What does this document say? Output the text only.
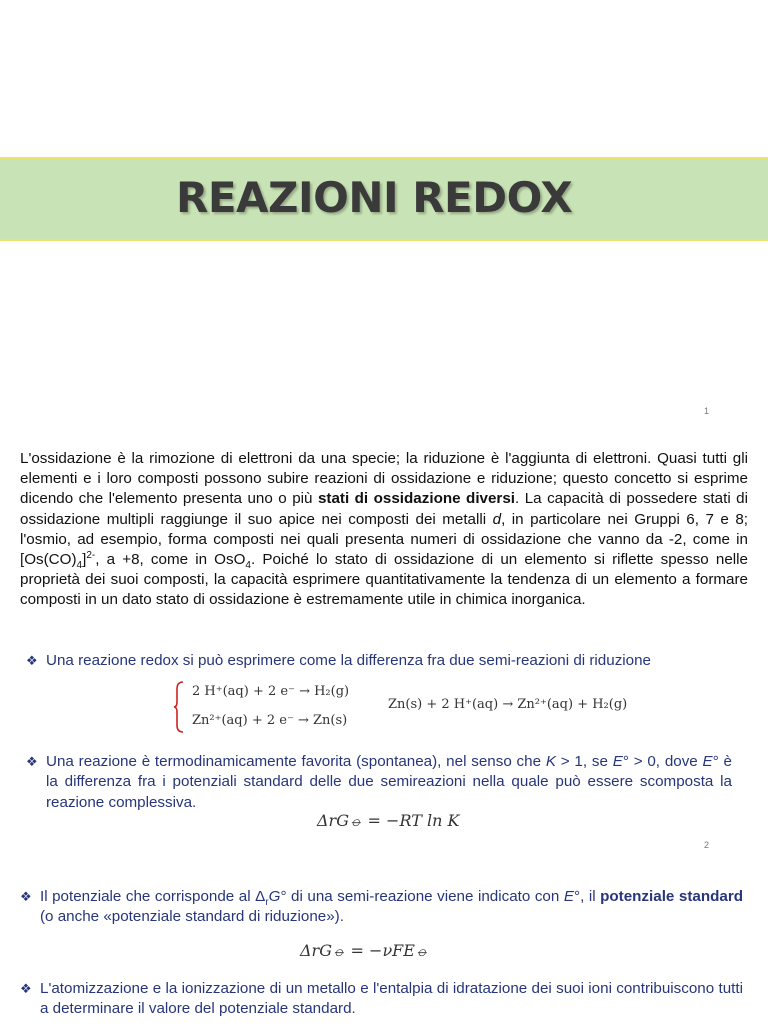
REAZIONI REDOX
1
L'ossidazione è la rimozione di elettroni da una specie; la riduzione è l'aggiunta di elettroni. Quasi tutti gli elementi e i loro composti possono subire reazioni di ossidazione e riduzione; questo concetto si esprime dicendo che l'elemento presenta uno o più stati di ossidazione diversi. La capacità di possedere stati di ossidazione multipli raggiunge il suo apice nei composti dei metalli d, in particolare nei Gruppi 6, 7 e 8; l'osmio, ad esempio, forma composti nei quali presenta numeri di ossidazione che vanno da -2, come in $[Os(CO)_4]^{2-}$, a +8, come in OsO$_4$. Poiché lo stato di ossidazione di un elemento si riflette spesso nelle proprietà dei suoi composti, la capacità esprimere quantitativamente la tendenza di un elemento a formare composti in un dato stato di ossidazione è estremamente utile in chimica inorganica.
❖ Una reazione redox si può esprimere come la differenza fra due semi-reazioni di riduzione
2 H⁺(aq) + 2 e⁻ → H₂(g)
Zn²⁺(aq) + 2 e⁻ → Zn(s)
Zn(s) + 2 H⁺(aq) → Zn²⁺(aq) + H₂(g)
❖ Una reazione è termodinamicamente favorita (spontanea), nel senso che K > 1, se E° > 0, dove E° è la differenza fra i potenziali standard delle due semireazioni nella quale può essere scomposta la reazione complessiva.
ΔrG⦵ = −RT ln K
2
❖ Il potenziale che corrisponde al $\Delta_rG^\circ$ di una semi-reazione viene indicato con E°, il potenziale standard (o anche «potenziale standard di riduzione»).
ΔrG⦵ = −νFE⦵
❖ L'atomizzazione e la ionizzazione di un metallo e l'entalpia di idratazione dei suoi ioni contribuiscono tutti a determinare il valore del potenziale standard.
